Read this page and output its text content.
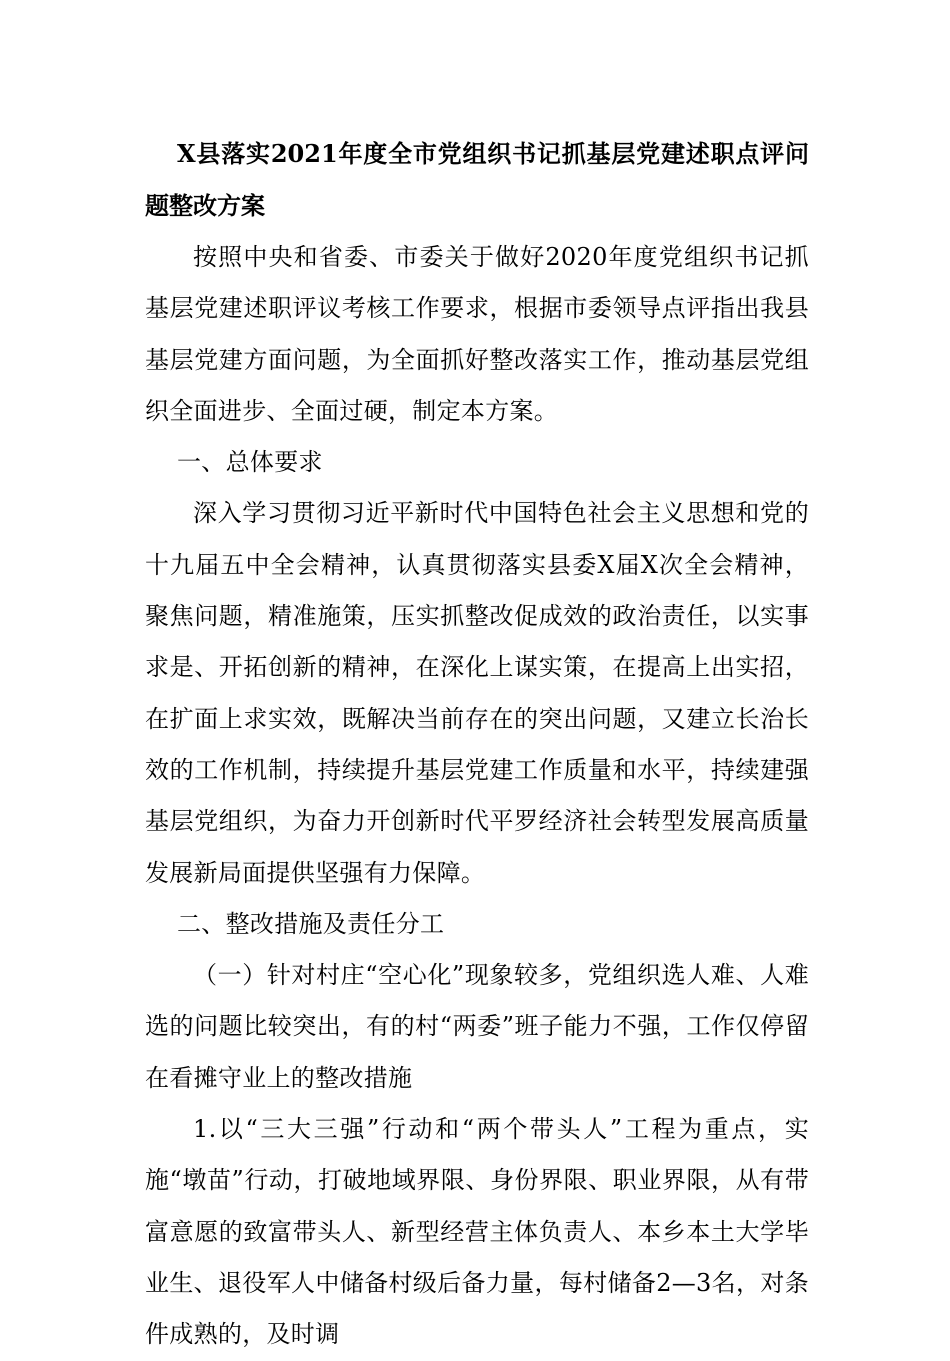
X县落实2021年度全市党组织书记抓基层党建述职点评问题整改方案

按照中央和省委、市委关于做好2020年度党组织书记抓基层党建述职评议考核工作要求，根据市委领导点评指出我县基层党建方面问题，为全面抓好整改落实工作，推动基层党组织全面进步、全面过硬，制定本方案。

一、总体要求

深入学习贯彻习近平新时代中国特色社会主义思想和党的十九届五中全会精神，认真贯彻落实县委X届X次全会精神，聚焦问题，精准施策，压实抓整改促成效的政治责任，以实事求是、开拓创新的精神，在深化上谋实策，在提高上出实招，在扩面上求实效，既解决当前存在的突出问题，又建立长治长效的工作机制，持续提升基层党建工作质量和水平，持续建强基层党组织，为奋力开创新时代平罗经济社会转型发展高质量发展新局面提供坚强有力保障。

二、整改措施及责任分工

（一）针对村庄“空心化”现象较多，党组织选人难、人难选的问题比较突出，有的村“两委”班子能力不强，工作仅停留在看摊守业上的整改措施

1.以“三大三强”行动和“两个带头人”工程为重点，实施“墩苗”行动，打破地域界限、身份界限、职业界限，从有带富意愿的致富带头人、新型经营主体负责人、本乡本土大学毕业生、退役军人中储备村级后备力量，每村储备2—3名，对条件成熟的，及时调
